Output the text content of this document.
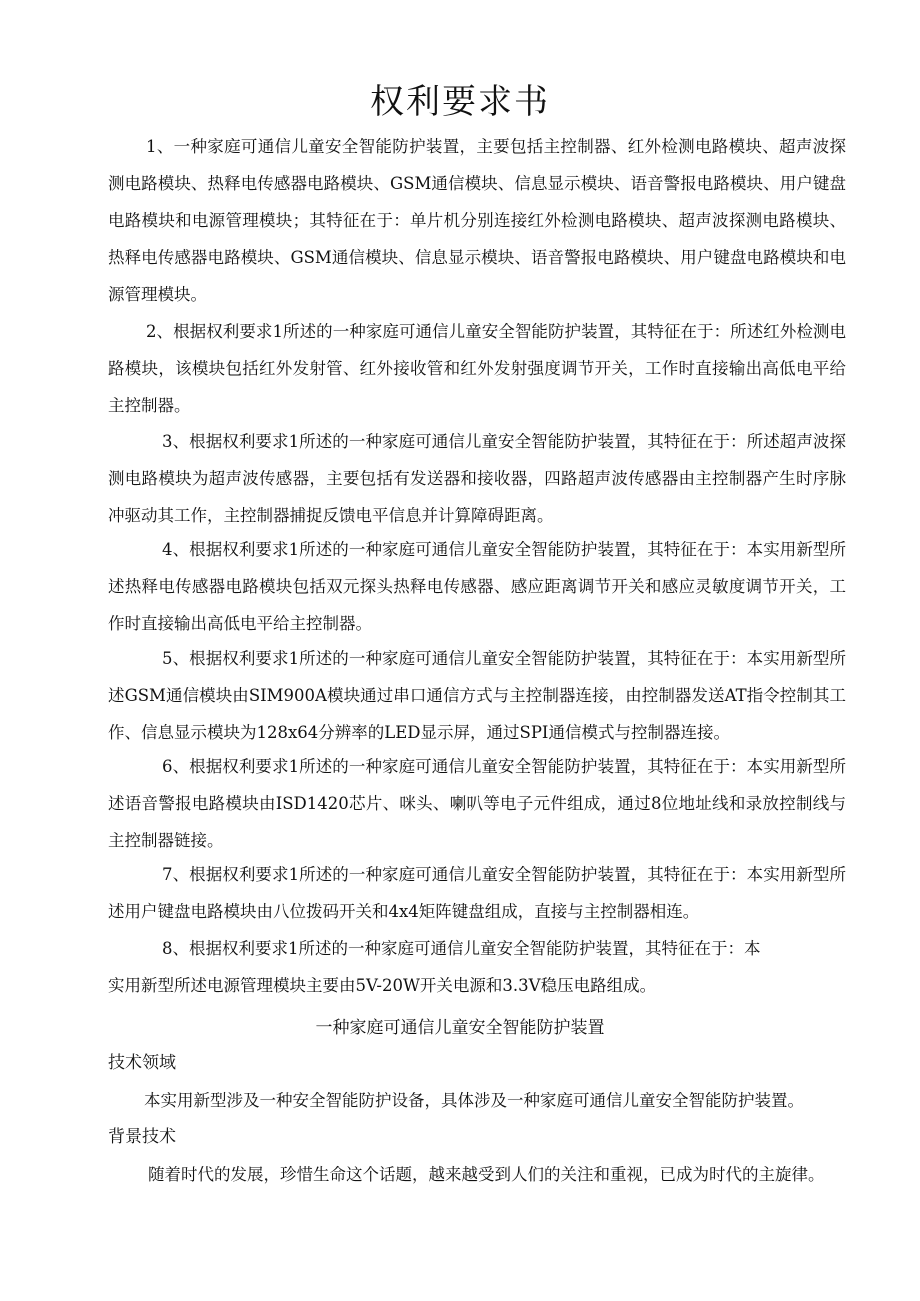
权利要求书

1、一种家庭可通信儿童安全智能防护装置，主要包括主控制器、红外检测电路模块、超声波探测电路模块、热释电传感器电路模块、GSM通信模块、信息显示模块、语音警报电路模块、用户键盘电路模块和电源管理模块；其特征在于：单片机分别连接红外检测电路模块、超声波探测电路模块、热释电传感器电路模块、GSM通信模块、信息显示模块、语音警报电路模块、用户键盘电路模块和电源管理模块。

2、根据权利要求1所述的一种家庭可通信儿童安全智能防护装置，其特征在于：所述红外检测电路模块，该模块包括红外发射管、红外接收管和红外发射强度调节开关，工作时直接输出高低电平给主控制器。

3、根据权利要求1所述的一种家庭可通信儿童安全智能防护装置，其特征在于：所述超声波探测电路模块为超声波传感器，主要包括有发送器和接收器，四路超声波传感器由主控制器产生时序脉冲驱动其工作，主控制器捕捉反馈电平信息并计算障碍距离。

4、根据权利要求1所述的一种家庭可通信儿童安全智能防护装置，其特征在于：本实用新型所述热释电传感器电路模块包括双元探头热释电传感器、感应距离调节开关和感应灵敏度调节开关，工作时直接输出高低电平给主控制器。

5、根据权利要求1所述的一种家庭可通信儿童安全智能防护装置，其特征在于：本实用新型所述GSM通信模块由SIM900A模块通过串口通信方式与主控制器连接，由控制器发送AT指令控制其工作、信息显示模块为128x64分辨率的LED显示屏，通过SPI通信模式与控制器连接。

6、根据权利要求1所述的一种家庭可通信儿童安全智能防护装置，其特征在于：本实用新型所述语音警报电路模块由ISD1420芯片、咪头、喇叭等电子元件组成，通过8位地址线和录放控制线与主控制器链接。

7、根据权利要求1所述的一种家庭可通信儿童安全智能防护装置，其特征在于：本实用新型所述用户键盘电路模块由八位拨码开关和4x4矩阵键盘组成，直接与主控制器相连。

8、根据权利要求1所述的一种家庭可通信儿童安全智能防护装置，其特征在于：本

实用新型所述电源管理模块主要由5V-20W开关电源和3.3V稳压电路组成。

一种家庭可通信儿童安全智能防护装置
技术领域

本实用新型涉及一种安全智能防护设备，具体涉及一种家庭可通信儿童安全智能防护装置。

背景技术

随着时代的发展，珍惜生命这个话题，越来越受到人们的关注和重视，已成为时代的主旋律。
